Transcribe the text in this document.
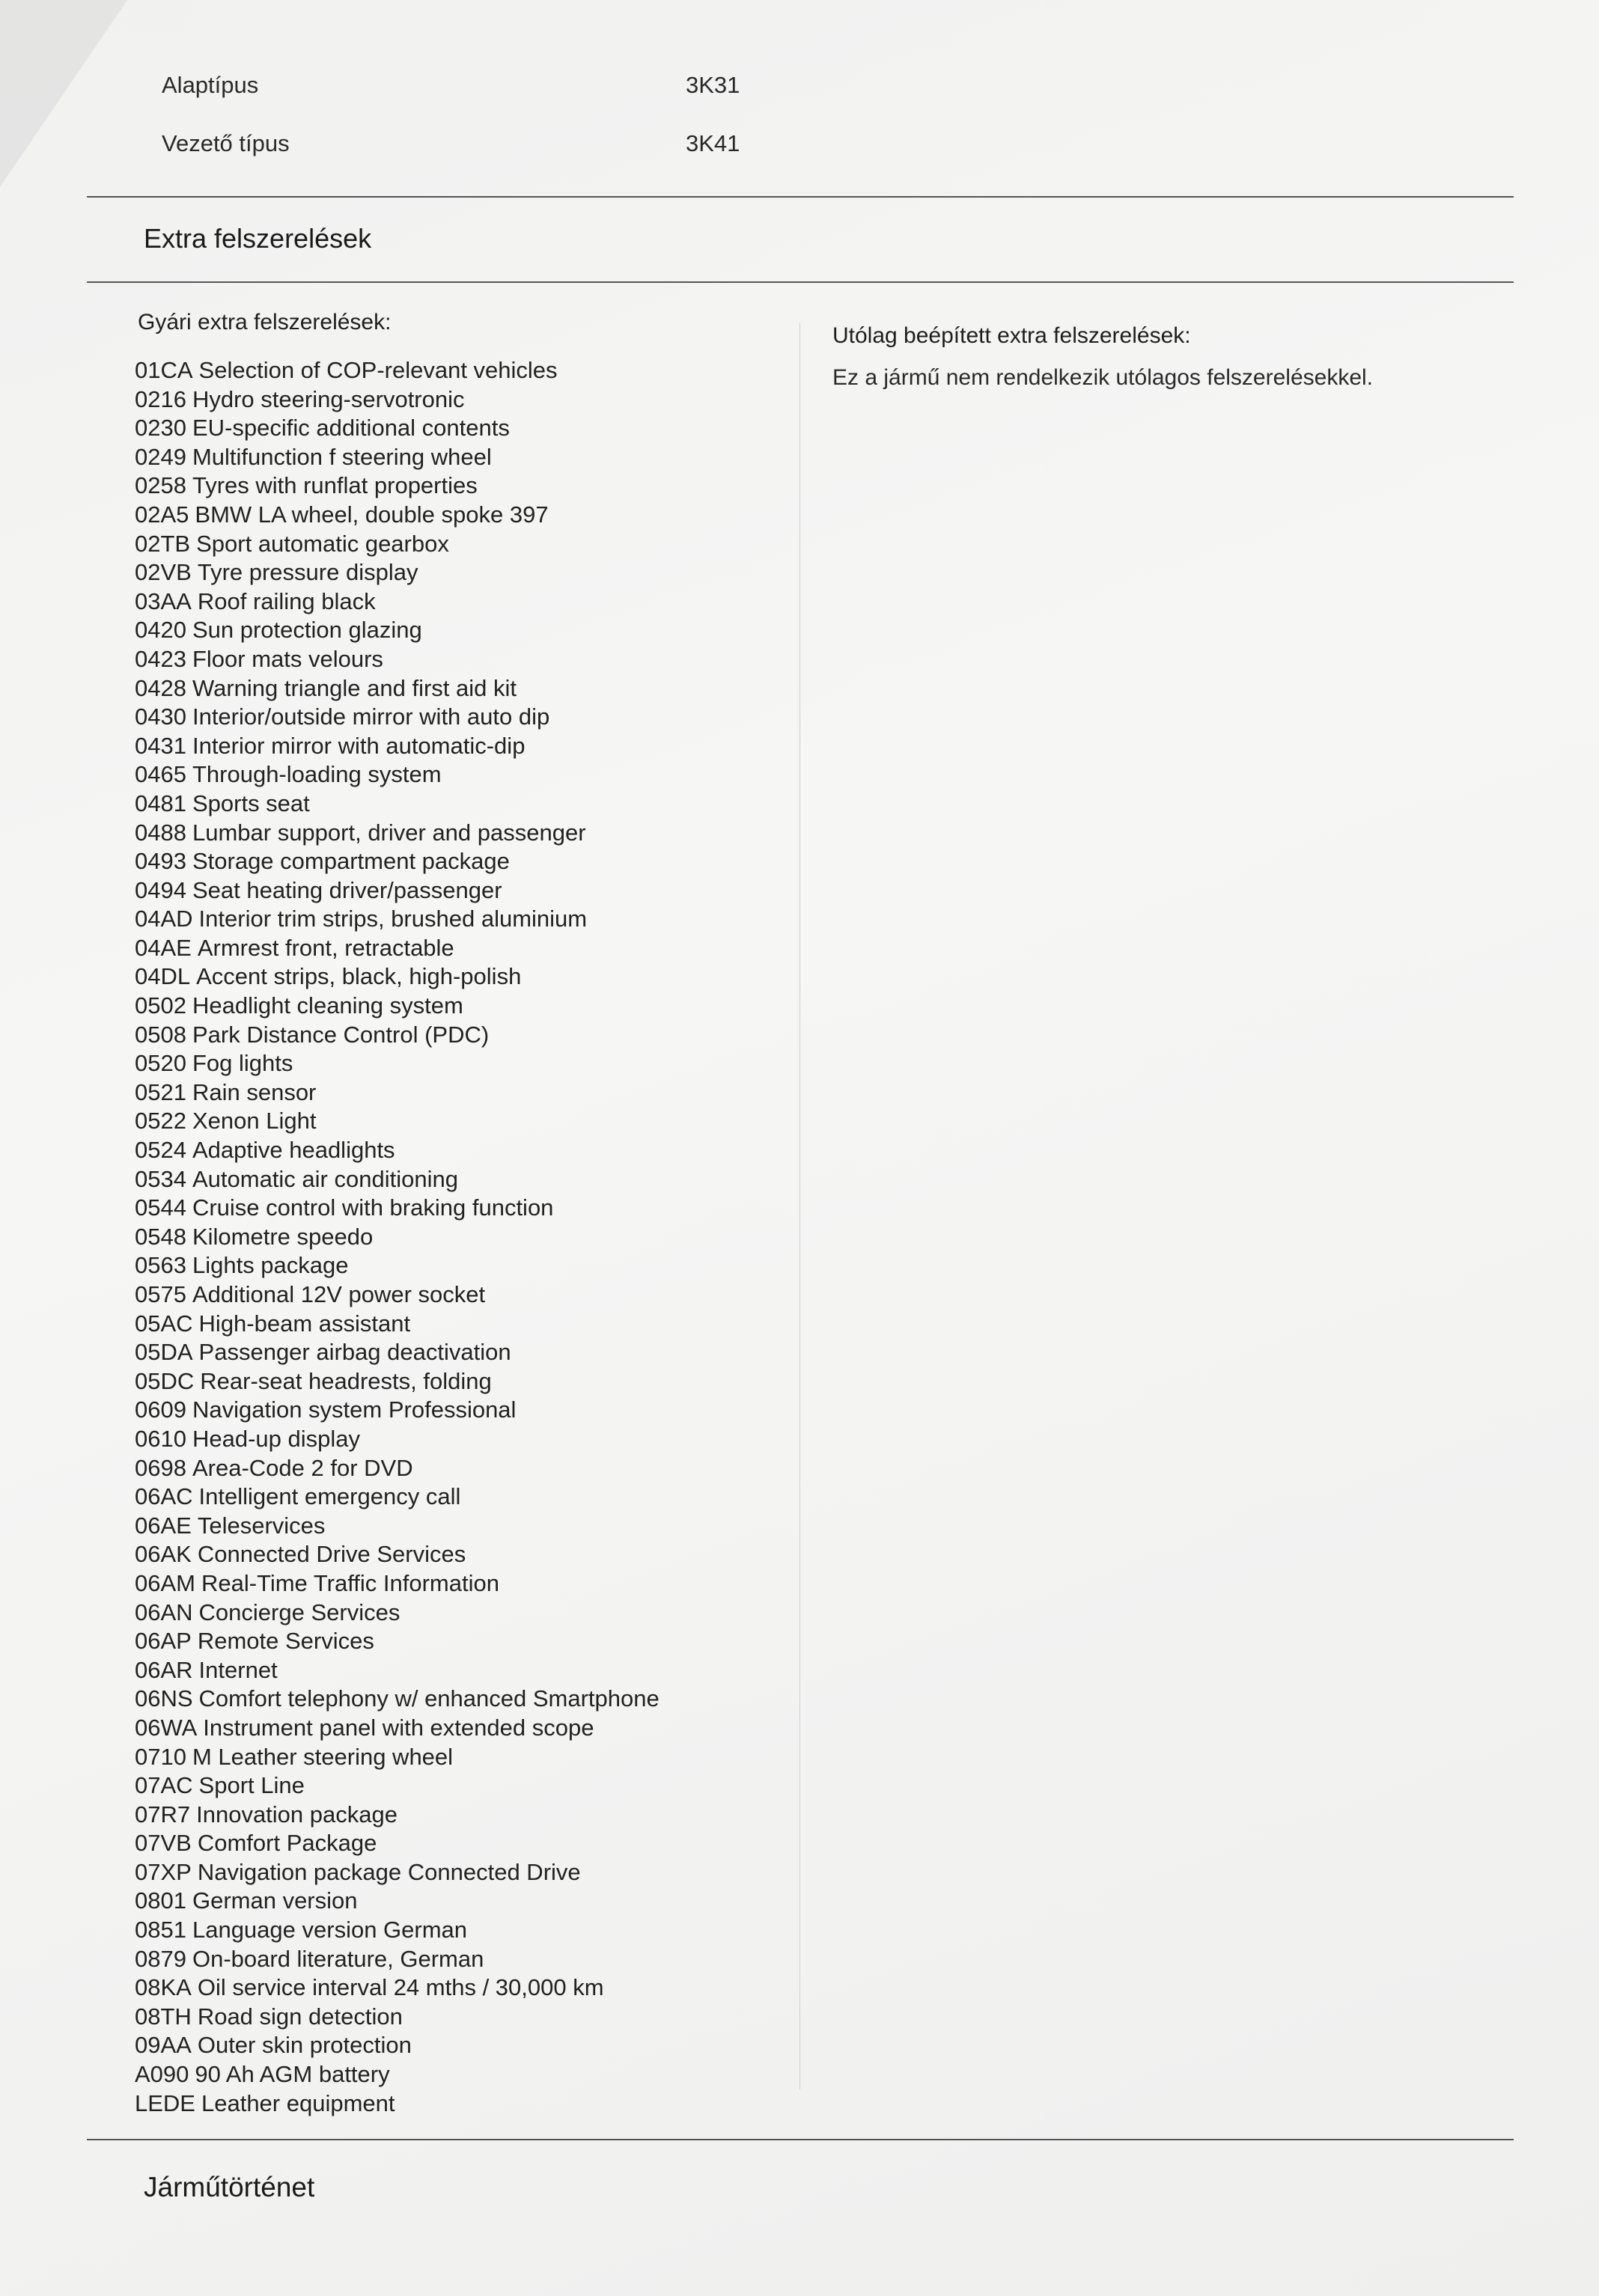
Alaptípus	3K31
Vezető típus	3K41
Extra felszerelések
Gyári extra felszerelések:
Utólag beépített extra felszerelések:
Ez a jármű nem rendelkezik utólagos felszerelésekkel.
01CA Selection of COP-relevant vehicles
0216 Hydro steering-servotronic
0230 EU-specific additional contents
0249 Multifunction f steering wheel
0258 Tyres with runflat properties
02A5 BMW LA wheel, double spoke 397
02TB Sport automatic gearbox
02VB Tyre pressure display
03AA Roof railing black
0420 Sun protection glazing
0423 Floor mats velours
0428 Warning triangle and first aid kit
0430 Interior/outside mirror with auto dip
0431 Interior mirror with automatic-dip
0465 Through-loading system
0481 Sports seat
0488 Lumbar support, driver and passenger
0493 Storage compartment package
0494 Seat heating driver/passenger
04AD Interior trim strips, brushed aluminium
04AE Armrest front, retractable
04DL Accent strips, black, high-polish
0502 Headlight cleaning system
0508 Park Distance Control (PDC)
0520 Fog lights
0521 Rain sensor
0522 Xenon Light
0524 Adaptive headlights
0534 Automatic air conditioning
0544 Cruise control with braking function
0548 Kilometre speedo
0563 Lights package
0575 Additional 12V power socket
05AC High-beam assistant
05DA Passenger airbag deactivation
05DC Rear-seat headrests, folding
0609 Navigation system Professional
0610 Head-up display
0698 Area-Code 2 for DVD
06AC Intelligent emergency call
06AE Teleservices
06AK Connected Drive Services
06AM Real-Time Traffic Information
06AN Concierge Services
06AP Remote Services
06AR Internet
06NS Comfort telephony w/ enhanced Smartphone
06WA Instrument panel with extended scope
0710 M Leather steering wheel
07AC Sport Line
07R7 Innovation package
07VB Comfort Package
07XP Navigation package Connected Drive
0801 German version
0851 Language version German
0879 On-board literature, German
08KA Oil service interval 24 mths / 30,000 km
08TH Road sign detection
09AA Outer skin protection
A090 90 Ah AGM battery
LEDE Leather equipment
Járműtörténet
